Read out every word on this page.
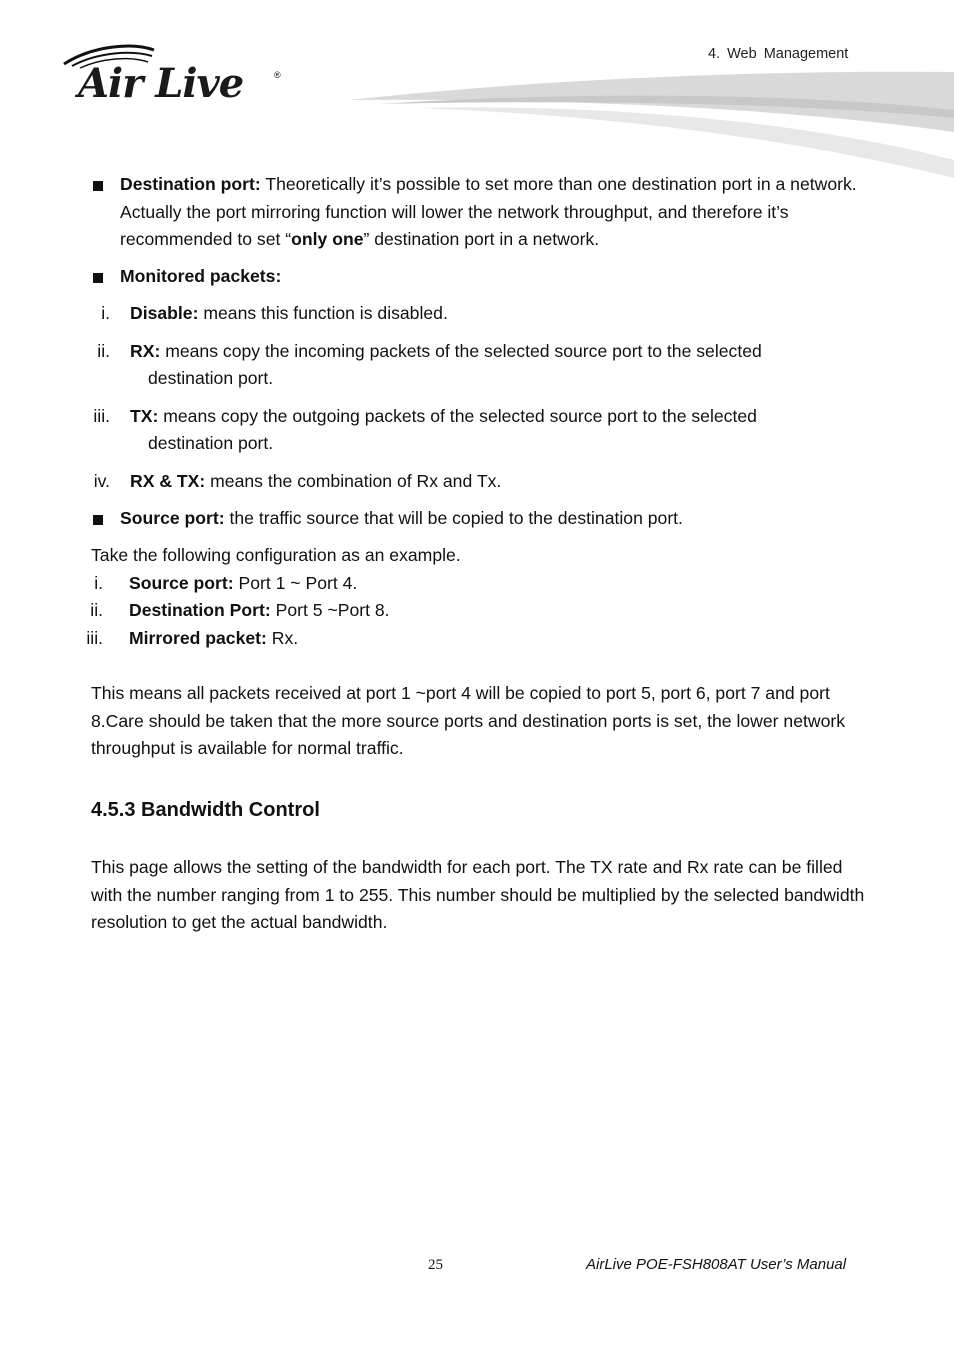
Air Live	®
4. Web Management

Destination port: Theoretically it’s possible to set more than one destination port in a network. Actually the port mirroring function will lower the network throughput, and therefore it’s recommended to set “only one” destination port in a network.

Monitored packets:

i. Disable: means this function is disabled.

ii. RX: means copy the incoming packets of the selected source port to the selected

destination port.

iii. TX: means copy the outgoing packets of the selected source port to the selected

destination port.

iv. RX & TX: means the combination of Rx and Tx.

Source port: the traffic source that will be copied to the destination port.

Take the following configuration as an example.

i. Source port: Port 1 ~ Port 4.

ii. Destination Port: Port 5 ~Port 8.

iii. Mirrored packet: Rx.

This means all packets received at port 1 ~port 4 will be copied to port 5, port 6, port 7 and port 8.Care should be taken that the more source ports and destination ports is set, the lower network throughput is available for normal traffic.

4.5.3 Bandwidth Control

This page allows the setting of the bandwidth for each port. The TX rate and Rx rate can be filled with the number ranging from 1 to 255. This number should be multiplied by the selected bandwidth resolution to get the actual bandwidth.

25	AirLive POE-FSH808AT User’s Manual
